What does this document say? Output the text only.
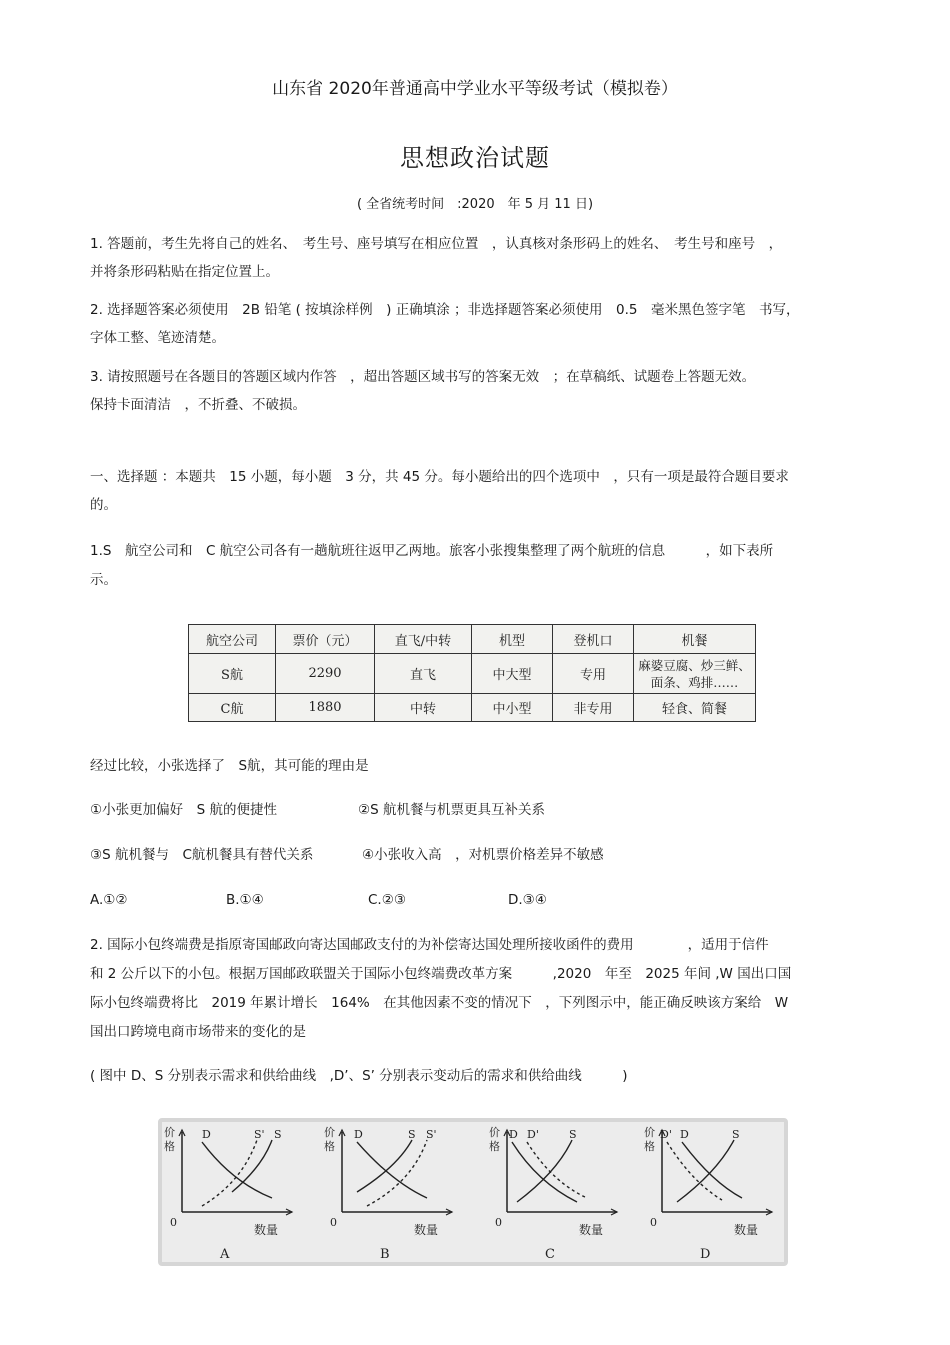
山东省 2020年普通高中学业水平等级考试（模拟卷）
思想政治试题
( 全省统考时间　:2020　年 5 月 11 日)
1. 答题前，考生先将自己的姓名、　考生号、座号填写在相应位置　，认真核对条形码上的姓名、　考生号和座号　，
并将条形码粘贴在指定位置上。
2. 选择题答案必须使用　2B 铅笔 ( 按填涂样例　) 正确填涂 ；非选择题答案必须使用　0.5　毫米黑色签字笔　书写，
字体工整、笔迹清楚。
3. 请按照题号在各题目的答题区域内作答　，超出答题区域书写的答案无效　；在草稿纸、试题卷上答题无效。
保持卡面清洁　，不折叠、不破损。
一、选择题 ：本题共　15 小题，每小题　3 分，共 45 分。每小题给出的四个选项中　，只有一项是最符合题目要求
的。
1.S　航空公司和　C 航空公司各有一趟航班往返甲乙两地。旅客小张搜集整理了两个航班的信息　　　，如下表所
示。
航空公司	票价（元）	直飞/中转	机型	登机口	机餐
S航	2290	直飞	中大型	专用	麻婆豆腐、炒三鲜、
面条、鸡排……
C航	1880	中转	中小型	非专用	轻食、简餐
经过比较，小张选择了　S航，其可能的理由是
①小张更加偏好　S 航的便捷性	②S 航机餐与机票更具互补关系
③S 航机餐与　C航机餐具有替代关系	④小张收入高　，对机票价格差异不敏感
A.①②	B.①④	C.②③	D.③④
2. 国际小包终端费是指原寄国邮政向寄达国邮政支付的为补偿寄达国处理所接收函件的费用　　　　，适用于信件
和 2 公斤以下的小包。根据万国邮政联盟关于国际小包终端费改革方案　　　,2020　年至　2025 年间 ,W 国出口国
际小包终端费将比　2019 年累计增长　164%　在其他因素不变的情况下　，下列图示中，能正确反映该方案给　W
国出口跨境电商市场带来的变化的是
( 图中 D、S 分别表示需求和供给曲线　,D’、S’ 分别表示变动后的需求和供给曲线　　　)
价
格
0
数量
A
D	S' S	价
格
0
数量
B
D	S S'	价
格
0
数量
C
D D'	S	价
格
0
数量
D
D' D	S
